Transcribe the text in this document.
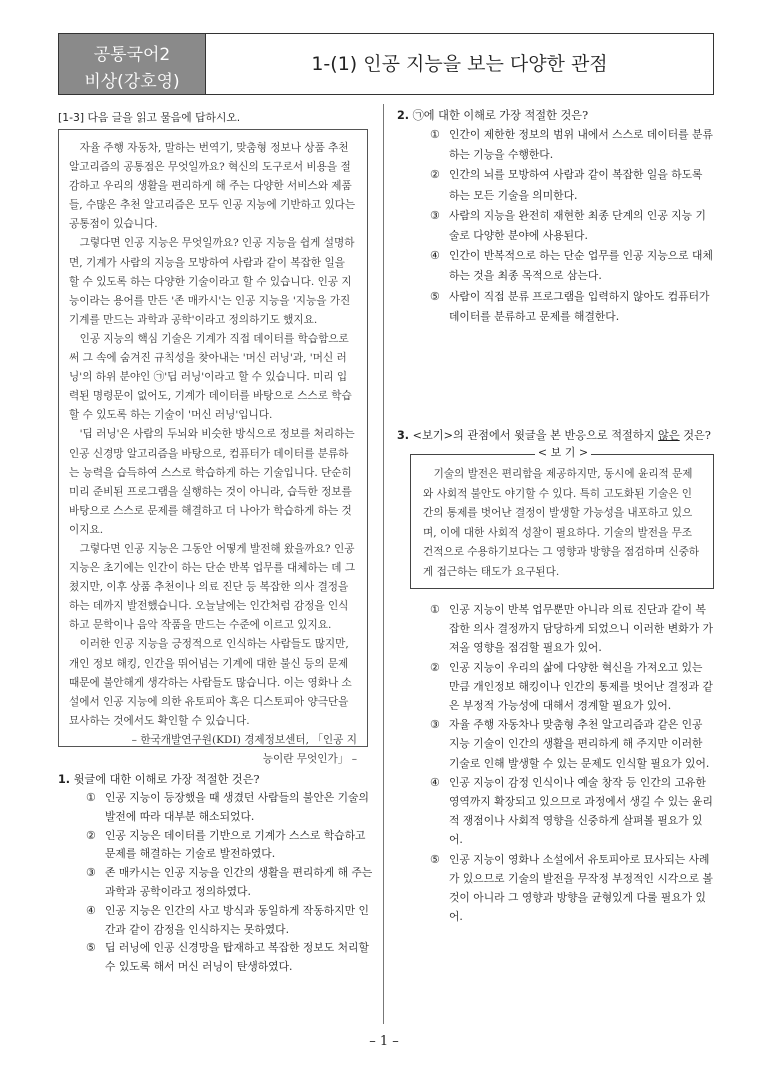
공통국어2
비상(강호영)
1-(1) 인공 지능을 보는 다양한 관점
[1-3] 다음 글을 읽고 물음에 답하시오.

자율 주행 자동차, 말하는 번역기, 맞춤형 정보나 상품 추천 알고리즘의 공통점은 무엇일까요? 혁신의 도구로서 비용을 절감하고 우리의 생활을 편리하게 해 주는 다양한 서비스와 제품들, 수많은 추천 알고리즘은 모두 인공 지능에 기반하고 있다는 공통점이 있습니다.

그렇다면 인공 지능은 무엇일까요? 인공 지능을 쉽게 설명하면, 기계가 사람의 지능을 모방하여 사람과 같이 복잡한 일을 할 수 있도록 하는 다양한 기술이라고 할 수 있습니다. 인공 지능이라는 용어를 만든 '존 매카시'는 인공 지능을 '지능을 가진 기계를 만드는 과학과 공학'이라고 정의하기도 했지요.

인공 지능의 핵심 기술은 기계가 직접 데이터를 학습함으로써 그 속에 숨겨진 규칙성을 찾아내는 '머신 러닝'과, '머신 러닝'의 하위 분야인 ㉠'딥 러닝'이라고 할 수 있습니다. 미리 입력된 명령문이 없어도, 기계가 데이터를 바탕으로 스스로 학습할 수 있도록 하는 기술이 '머신 러닝'입니다.

'딥 러닝'은 사람의 두뇌와 비슷한 방식으로 정보를 처리하는 인공 신경망 알고리즘을 바탕으로, 컴퓨터가 데이터를 분류하는 능력을 습득하여 스스로 학습하게 하는 기술입니다. 단순히 미리 준비된 프로그램을 실행하는 것이 아니라, 습득한 정보를 바탕으로 스스로 문제를 해결하고 더 나아가 학습하게 하는 것이지요.

그렇다면 인공 지능은 그동안 어떻게 발전해 왔을까요? 인공 지능은 초기에는 인간이 하는 단순 반복 업무를 대체하는 데 그쳤지만, 이후 상품 추천이나 의료 진단 등 복잡한 의사 결정을 하는 데까지 발전했습니다. 오늘날에는 인간처럼 감정을 인식하고 문학이나 음악 작품을 만드는 수준에 이르고 있지요.

이러한 인공 지능을 긍정적으로 인식하는 사람들도 많지만, 개인 정보 해킹, 인간을 뛰어넘는 기계에 대한 불신 등의 문제 때문에 불안해게 생각하는 사람들도 많습니다. 이는 영화나 소설에서 인공 지능에 의한 유토피아 혹은 디스토피아 양극단을 묘사하는 것에서도 확인할 수 있습니다.

– 한국개발연구원(KDI) 경제정보센터, 「인공 지능이란 무엇인가」 –

1. 윗글에 대한 이해로 가장 적절한 것은?

① 인공 지능이 등장했을 때 생겼던 사람들의 불안은 기술의 발전에 따라 대부분 해소되었다.

② 인공 지능은 데이터를 기반으로 기계가 스스로 학습하고 문제를 해결하는 기술로 발전하였다.

③ 존 매카시는 인공 지능을 인간의 생활을 편리하게 해 주는 과학과 공학이라고 정의하였다.

④ 인공 지능은 인간의 사고 방식과 동일하게 작동하지만 인간과 같이 감정을 인식하지는 못하였다.

⑤ 딥 러닝에 인공 신경망을 탑재하고 복잡한 정보도 처리할 수 있도록 해서 머신 러닝이 탄생하였다.

2. ㉠에 대한 이해로 가장 적절한 것은?

① 인간이 제한한 정보의 범위 내에서 스스로 데이터를 분류하는 기능을 수행한다.

② 인간의 뇌를 모방하여 사람과 같이 복잡한 일을 하도록 하는 모든 기술을 의미한다.

③ 사람의 지능을 완전히 재현한 최종 단계의 인공 지능 기술로 다양한 분야에 사용된다.

④ 인간이 반복적으로 하는 단순 업무를 인공 지능으로 대체하는 것을 최종 목적으로 삼는다.

⑤ 사람이 직접 분류 프로그램을 입력하지 않아도 컴퓨터가 데이터를 분류하고 문제를 해결한다.

3. <보기>의 관점에서 윗글을 본 반응으로 적절하지 않은 것은?

기술의 발전은 편리함을 제공하지만, 동시에 윤리적 문제와 사회적 불안도 야기할 수 있다. 특히 고도화된 기술은 인간의 통제를 벗어난 결정이 발생할 가능성을 내포하고 있으며, 이에 대한 사회적 성찰이 필요하다. 기술의 발전을 무조건적으로 수용하기보다는 그 영향과 방향을 점검하며 신중하게 접근하는 태도가 요구된다.
< 보 기 >

① 인공 지능이 반복 업무뿐만 아니라 의료 진단과 같이 복잡한 의사 결정까지 담당하게 되었으니 이러한 변화가 가져올 영향을 점검할 필요가 있어.

② 인공 지능이 우리의 삶에 다양한 혁신을 가져오고 있는 만큼 개인정보 해킹이나 인간의 통제를 벗어난 결정과 같은 부정적 가능성에 대해서 경계할 필요가 있어.

③ 자율 주행 자동차나 맞춤형 추천 알고리즘과 같은 인공 지능 기술이 인간의 생활을 편리하게 해 주지만 이러한 기술로 인해 발생할 수 있는 문제도 인식할 필요가 있어.

④ 인공 지능이 감정 인식이나 예술 창작 등 인간의 고유한 영역까지 확장되고 있으므로 과정에서 생길 수 있는 윤리적 쟁점이나 사회적 영향을 신중하게 살펴볼 필요가 있어.

⑤ 인공 지능이 영화나 소설에서 유토피아로 묘사되는 사례가 있으므로 기술의 발전을 무작정 부정적인 시각으로 볼 것이 아니라 그 영향과 방향을 균형있게 다룰 필요가 있어.

– 1 –
